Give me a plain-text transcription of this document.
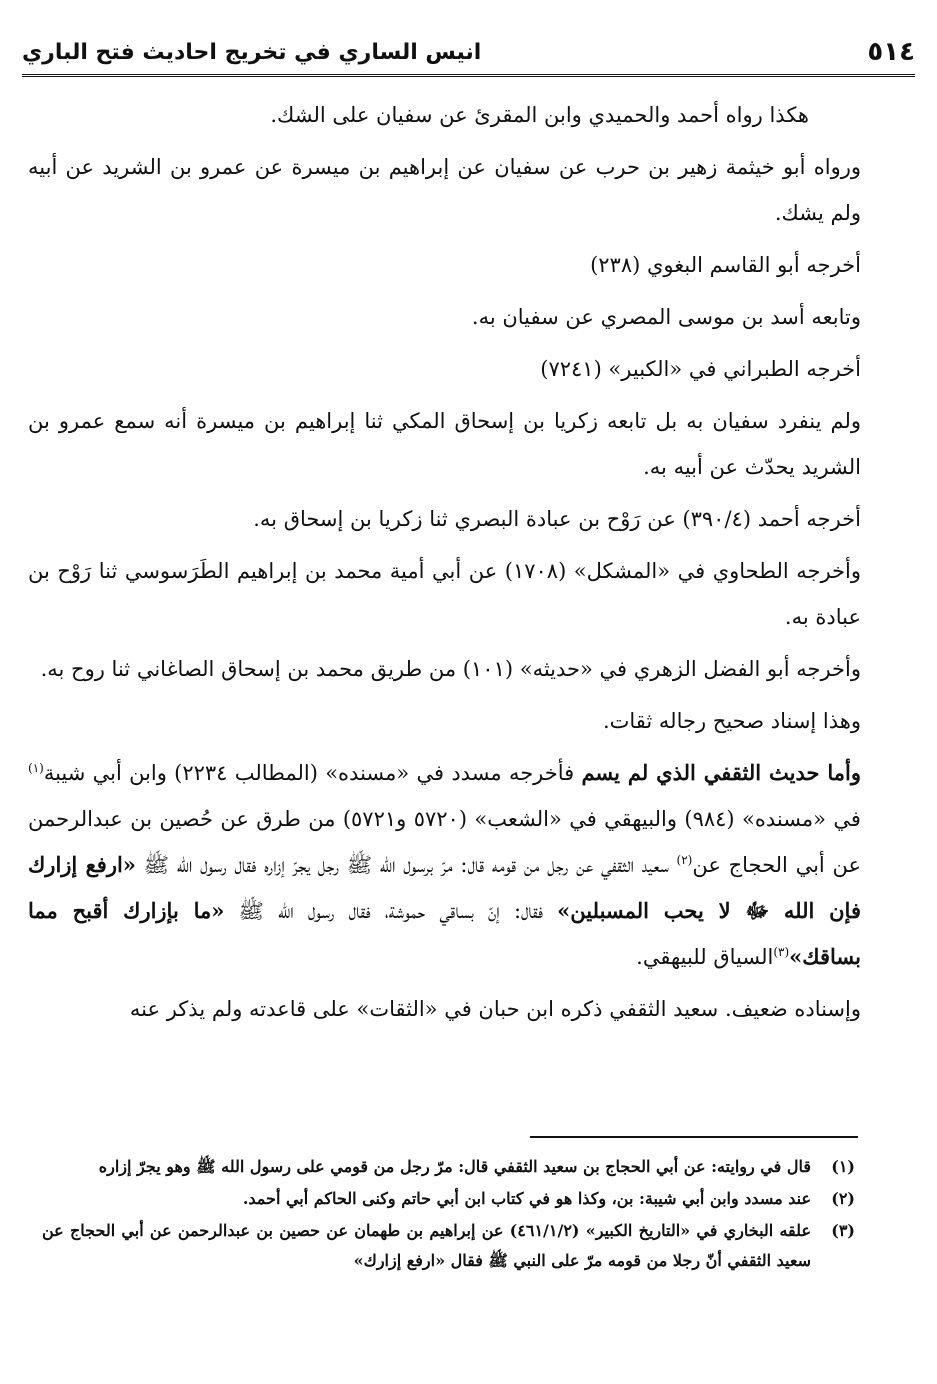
٥١٤
انيس الساري في تخريج احاديث فتح الباري

هكذا رواه أحمد والحميدي وابن المقرئ عن سفيان على الشك.

ورواه أبو خيثمة زهير بن حرب عن سفيان عن إبراهيم بن ميسرة عن عمرو بن الشريد عن أبيه ولم يشك.

أخرجه أبو القاسم البغوي (٢٣٨)

وتابعه أسد بن موسى المصري عن سفيان به.

أخرجه الطبراني في «الكبير» (٧٢٤١)

ولم ينفرد سفيان به بل تابعه زكريا بن إسحاق المكي ثنا إبراهيم بن ميسرة أنه سمع عمرو بن الشريد يحدّث عن أبيه به.

أخرجه أحمد (٣٩٠/٤) عن رَوْح بن عبادة البصري ثنا زكريا بن إسحاق به.

وأخرجه الطحاوي في «المشكل» (١٧٠٨) عن أبي أمية محمد بن إبراهيم الطَرَسوسي ثنا رَوْح بن عبادة به.

وأخرجه أبو الفضل الزهري في «حديثه» (١٠١) من طريق محمد بن إسحاق الصاغاني ثنا روح به.

وهذا إسناد صحيح رجاله ثقات.

وأما حديث الثقفي الذي لم يسم فأخرجه مسدد في «مسنده» (المطالب ٢٢٣٤) وابن أبي شيبة$^{(١)}$ في «مسنده» (٩٨٤) والبيهقي في «الشعب» (٥٧٢٠ و٥٧٢١) من طرق عن حُصين بن عبدالرحمن عن أبي الحجاج عن$^{(٢)}$ سعيد الثقفي عن رجل من قومه قال: مرّ برسول الله ﷺ رجل يجرّ إزاره فقال رسول الله ﷺ «ارفع إزارك فإن الله ﷻ لا يحب المسبلين» فقال: إنّ بساقي حموشة، فقال رسول الله ﷺ «ما بإزارك أقبح مما بساقك»$^{(٣)}$السياق للبيهقي.

وإسناده ضعيف. سعيد الثقفي ذكره ابن حبان في «الثقات» على قاعدته ولم يذكر عنه

(١)
قال في روايته: عن أبي الحجاج بن سعيد الثقفي قال: مرّ رجل من قومي على رسول الله ﷺ وهو يجرّ إزاره
(٢)
عند مسدد وابن أبي شيبة: بن، وكذا هو في كتاب ابن أبي حاتم وكنى الحاكم أبي أحمد.
(٣)
علقه البخاري في «التاريخ الكبير» (٤٦١/١/٢) عن إبراهيم بن طهمان عن حصين بن عبدالرحمن عن أبي الحجاج عن سعيد الثقفي أنّ رجلا من قومه مرّ على النبي ﷺ فقال «ارفع إزارك»
